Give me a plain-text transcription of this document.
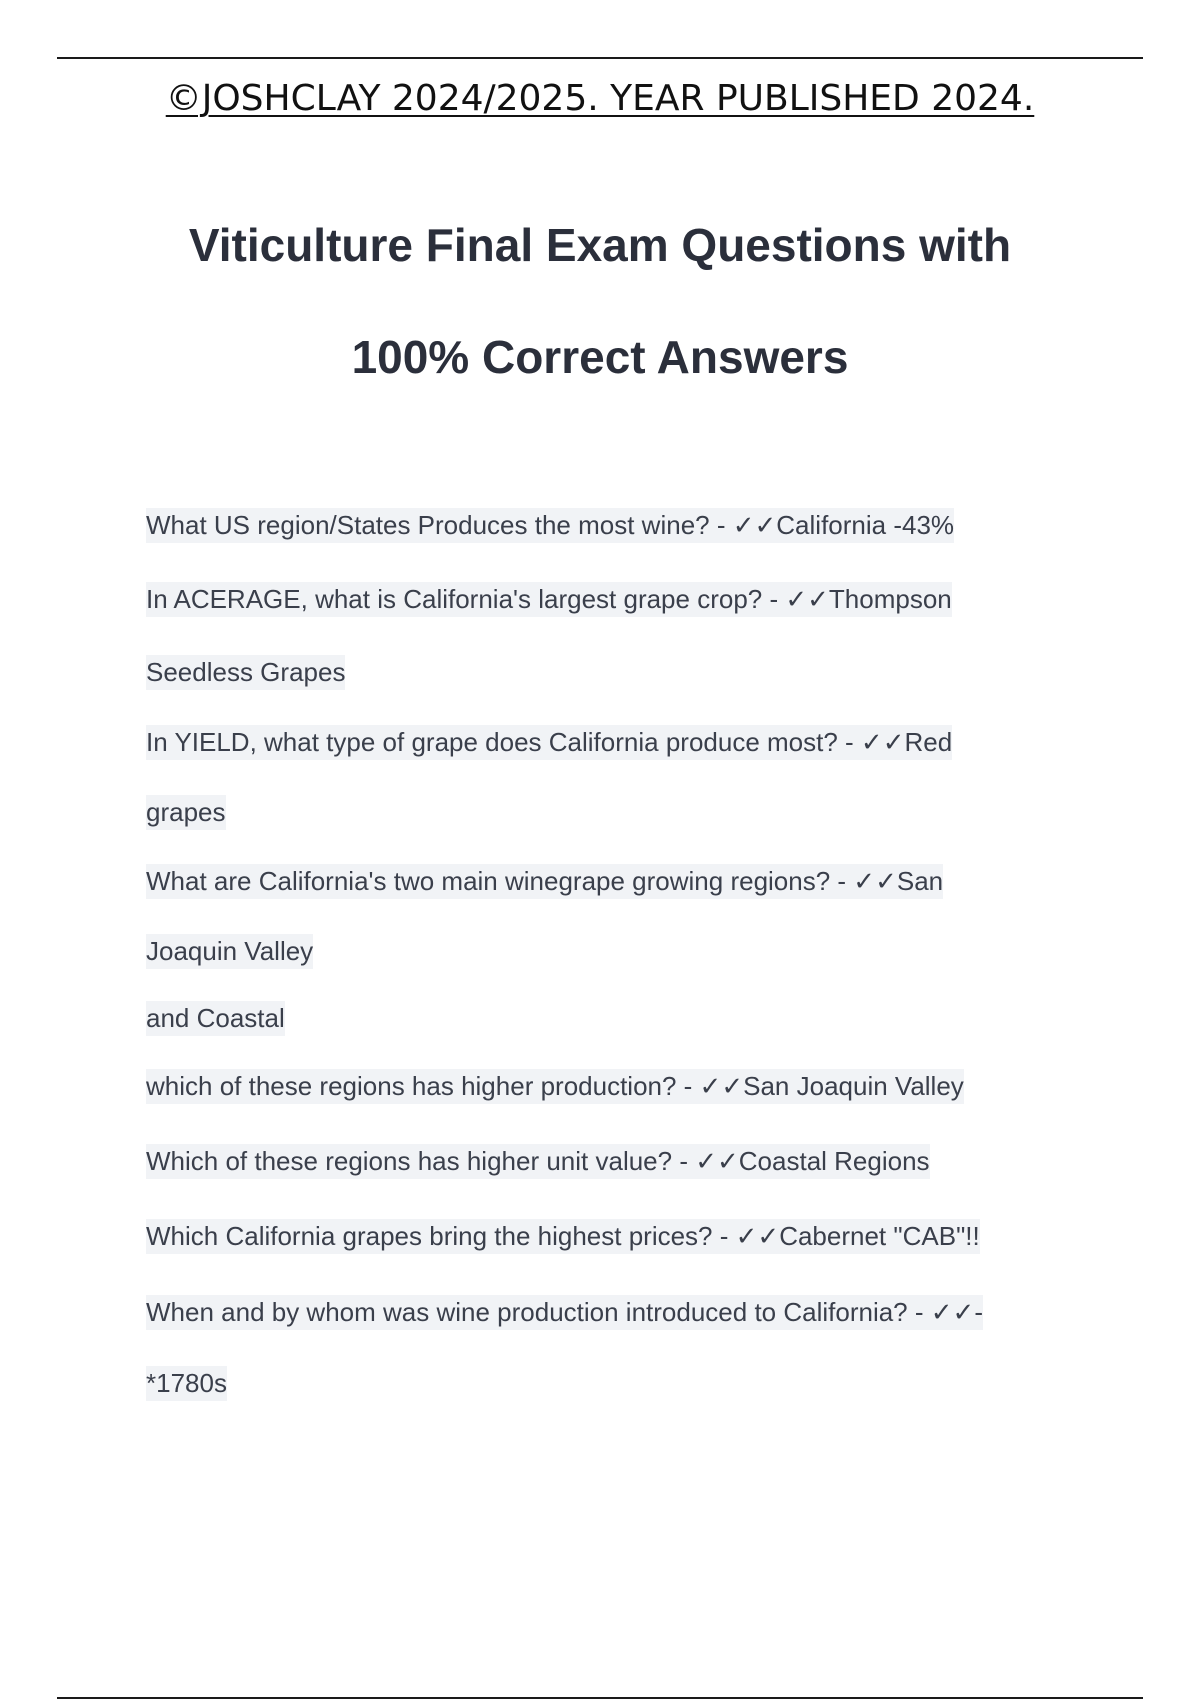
©JOSHCLAY 2024/2025. YEAR PUBLISHED 2024.
Viticulture Final Exam Questions with
100% Correct Answers
What US region/States Produces the most wine? - ✓✓California -43%
In ACERAGE, what is California's largest grape crop? - ✓✓Thompson
Seedless Grapes
In YIELD, what type of grape does California produce most? - ✓✓Red
grapes
What are California's two main winegrape growing regions? - ✓✓San
Joaquin Valley
and Coastal
which of these regions has higher production? - ✓✓San Joaquin Valley
Which of these regions has higher unit value? - ✓✓Coastal Regions
Which California grapes bring the highest prices? - ✓✓Cabernet "CAB"!!
When and by whom was wine production introduced to California? - ✓✓-
*1780s
